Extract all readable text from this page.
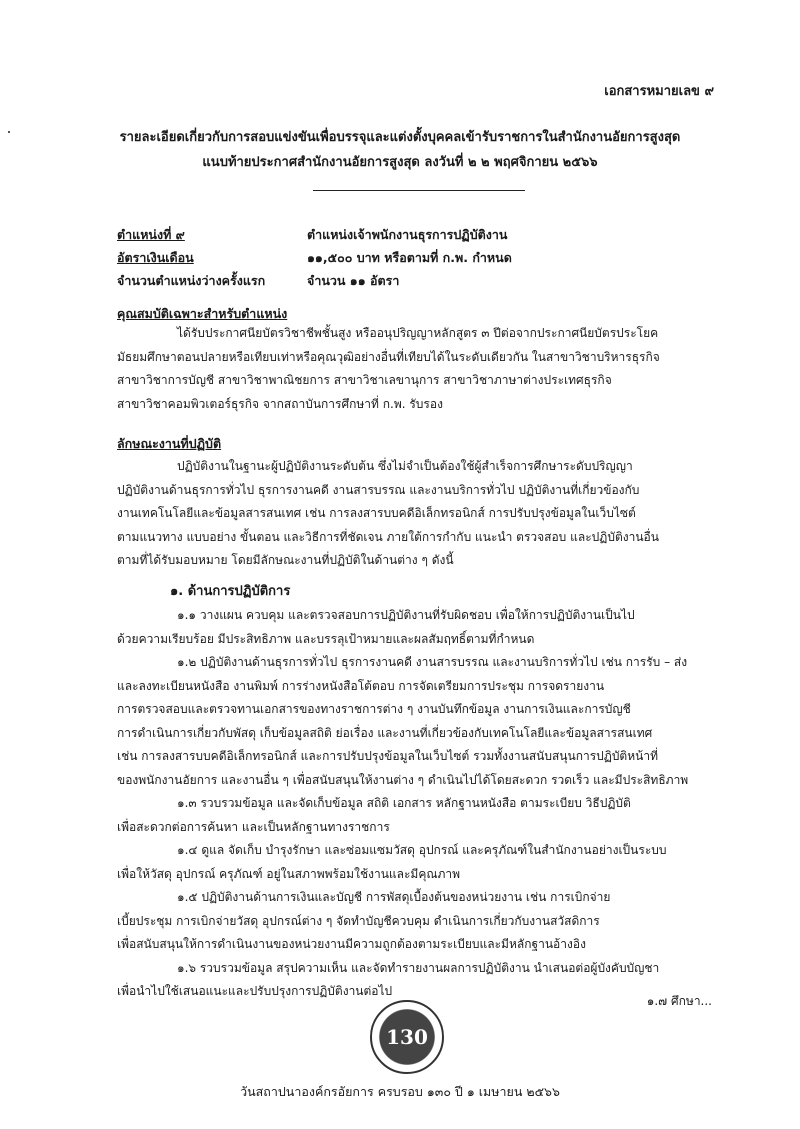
เอกสารหมายเลข ๙
รายละเอียดเกี่ยวกับการสอบแข่งขันเพื่อบรรจุและแต่งตั้งบุคคลเข้ารับราชการในสำนักงานอัยการสูงสุด
แนบท้ายประกาศสำนักงานอัยการสูงสุด ลงวันที่ ๒ ๒ พฤศจิกายน ๒๕๖๖
ตำแหน่งที่ ๙	ตำแหน่งเจ้าพนักงานธุรการปฏิบัติงาน
อัตราเงินเดือน	๑๑,๕๐๐ บาท หรือตามที่ ก.พ. กำหนด
จำนวนตำแหน่งว่างครั้งแรก	จำนวน ๑๑ อัตรา
คุณสมบัติเฉพาะสำหรับตำแหน่ง
ได้รับประกาศนียบัตรวิชาชีพชั้นสูง หรืออนุปริญญาหลักสูตร ๓ ปีต่อจากประกาศนียบัตรประโยค
มัธยมศึกษาตอนปลายหรือเทียบเท่าหรือคุณวุฒิอย่างอื่นที่เทียบได้ในระดับเดียวกัน ในสาขาวิชาบริหารธุรกิจ
สาขาวิชาการบัญชี สาขาวิชาพาณิชยการ สาขาวิชาเลขานุการ สาขาวิชาภาษาต่างประเทศธุรกิจ
สาขาวิชาคอมพิวเตอร์ธุรกิจ จากสถาบันการศึกษาที่ ก.พ. รับรอง
ลักษณะงานที่ปฏิบัติ
ปฏิบัติงานในฐานะผู้ปฏิบัติงานระดับต้น ซึ่งไม่จำเป็นต้องใช้ผู้สำเร็จการศึกษาระดับปริญญา
ปฏิบัติงานด้านธุรการทั่วไป ธุรการงานคดี งานสารบรรณ และงานบริการทั่วไป ปฏิบัติงานที่เกี่ยวข้องกับ
งานเทคโนโลยีและข้อมูลสารสนเทศ เช่น การลงสารบบคดีอิเล็กทรอนิกส์ การปรับปรุงข้อมูลในเว็บไซต์
ตามแนวทาง แบบอย่าง ขั้นตอน และวิธีการที่ชัดเจน ภายใต้การกำกับ แนะนำ ตรวจสอบ และปฏิบัติงานอื่น
ตามที่ได้รับมอบหมาย โดยมีลักษณะงานที่ปฏิบัติในด้านต่าง ๆ ดังนี้
๑. ด้านการปฏิบัติการ
๑.๑ วางแผน ควบคุม และตรวจสอบการปฏิบัติงานที่รับผิดชอบ เพื่อให้การปฏิบัติงานเป็นไป
ด้วยความเรียบร้อย มีประสิทธิภาพ และบรรลุเป้าหมายและผลสัมฤทธิ์ตามที่กำหนด
๑.๒ ปฏิบัติงานด้านธุรการทั่วไป ธุรการงานคดี งานสารบรรณ และงานบริการทั่วไป เช่น การรับ – ส่ง
และลงทะเบียนหนังสือ งานพิมพ์ การร่างหนังสือโต้ตอบ การจัดเตรียมการประชุม การจดรายงาน
การตรวจสอบและตรวจทานเอกสารของทางราชการต่าง ๆ งานบันทึกข้อมูล งานการเงินและการบัญชี
การดำเนินการเกี่ยวกับพัสดุ เก็บข้อมูลสถิติ ย่อเรื่อง และงานที่เกี่ยวข้องกับเทคโนโลยีและข้อมูลสารสนเทศ
เช่น การลงสารบบคดีอิเล็กทรอนิกส์ และการปรับปรุงข้อมูลในเว็บไซต์ รวมทั้งงานสนับสนุนการปฏิบัติหน้าที่
ของพนักงานอัยการ และงานอื่น ๆ เพื่อสนับสนุนให้งานต่าง ๆ ดำเนินไปได้โดยสะดวก รวดเร็ว และมีประสิทธิภาพ
๑.๓ รวบรวมข้อมูล และจัดเก็บข้อมูล สถิติ เอกสาร หลักฐานหนังสือ ตามระเบียบ วิธีปฏิบัติ
เพื่อสะดวกต่อการค้นหา และเป็นหลักฐานทางราชการ
๑.๔ ดูแล จัดเก็บ บำรุงรักษา และซ่อมแซมวัสดุ อุปกรณ์ และครุภัณฑ์ในสำนักงานอย่างเป็นระบบ
เพื่อให้วัสดุ อุปกรณ์ ครุภัณฑ์ อยู่ในสภาพพร้อมใช้งานและมีคุณภาพ
๑.๕ ปฏิบัติงานด้านการเงินและบัญชี การพัสดุเบื้องต้นของหน่วยงาน เช่น การเบิกจ่าย
เบี้ยประชุม การเบิกจ่ายวัสดุ อุปกรณ์ต่าง ๆ จัดทำบัญชีควบคุม ดำเนินการเกี่ยวกับงานสวัสดิการ
เพื่อสนับสนุนให้การดำเนินงานของหน่วยงานมีความถูกต้องตามระเบียบและมีหลักฐานอ้างอิง
๑.๖ รวบรวมข้อมูล สรุปความเห็น และจัดทำรายงานผลการปฏิบัติงาน นำเสนอต่อผู้บังคับบัญชา
เพื่อนำไปใช้เสนอแนะและปรับปรุงการปฏิบัติงานต่อไป
๑.๗ ศึกษา...
130
วันสถาปนาองค์กรอัยการ ครบรอบ ๑๓๐ ปี ๑ เมษายน ๒๕๖๖
